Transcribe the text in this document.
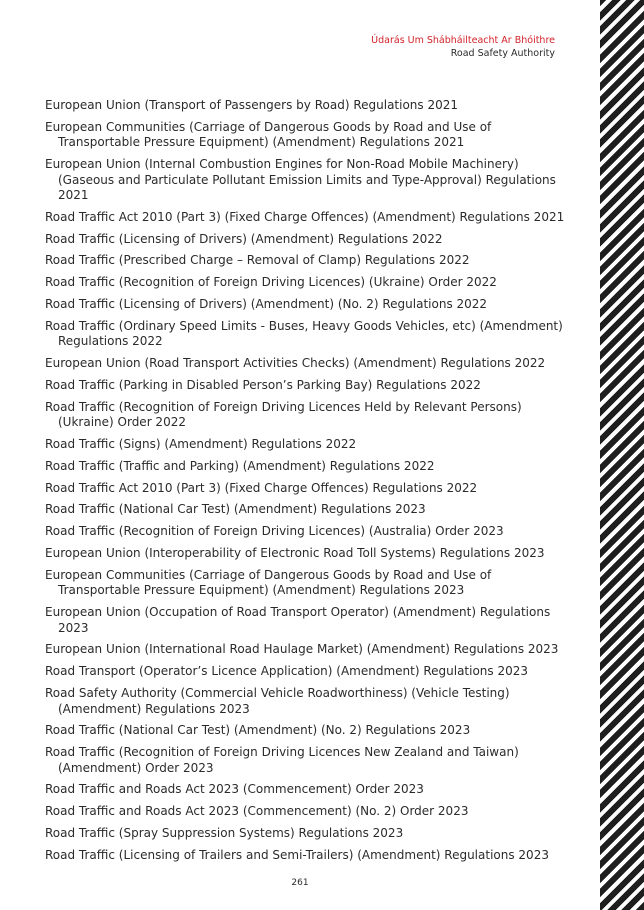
Údarás Um Shábháilteacht Ar Bhóithre
Road Safety Authority
European Union (Transport of Passengers by Road) Regulations 2021
European Communities (Carriage of Dangerous Goods by Road and Use of Transportable Pressure Equipment) (Amendment) Regulations 2021
European Union (Internal Combustion Engines for Non-Road Mobile Machinery) (Gaseous and Particulate Pollutant Emission Limits and Type-Approval) Regulations 2021
Road Traffic Act 2010 (Part 3) (Fixed Charge Offences) (Amendment) Regulations 2021
Road Traffic (Licensing of Drivers) (Amendment) Regulations 2022
Road Traffic (Prescribed Charge – Removal of Clamp) Regulations 2022
Road Traffic (Recognition of Foreign Driving Licences) (Ukraine) Order 2022
Road Traffic (Licensing of Drivers) (Amendment) (No. 2) Regulations 2022
Road Traffic (Ordinary Speed Limits - Buses, Heavy Goods Vehicles, etc) (Amendment) Regulations 2022
European Union (Road Transport Activities Checks) (Amendment) Regulations 2022
Road Traffic (Parking in Disabled Person’s Parking Bay) Regulations 2022
Road Traffic (Recognition of Foreign Driving Licences Held by Relevant Persons) (Ukraine) Order 2022
Road Traffic (Signs) (Amendment) Regulations 2022
Road Traffic (Traffic and Parking) (Amendment) Regulations 2022
Road Traffic Act 2010 (Part 3) (Fixed Charge Offences) Regulations 2022
Road Traffic (National Car Test) (Amendment) Regulations 2023
Road Traffic (Recognition of Foreign Driving Licences) (Australia) Order 2023
European Union (Interoperability of Electronic Road Toll Systems) Regulations 2023
European Communities (Carriage of Dangerous Goods by Road and Use of Transportable Pressure Equipment) (Amendment) Regulations 2023
European Union (Occupation of Road Transport Operator) (Amendment) Regulations 2023
European Union (International Road Haulage Market) (Amendment) Regulations 2023
Road Transport (Operator’s Licence Application) (Amendment) Regulations 2023
Road Safety Authority (Commercial Vehicle Roadworthiness) (Vehicle Testing) (Amendment) Regulations 2023
Road Traffic (National Car Test) (Amendment) (No. 2) Regulations 2023
Road Traffic (Recognition of Foreign Driving Licences New Zealand and Taiwan) (Amendment) Order 2023
Road Traffic and Roads Act 2023 (Commencement) Order 2023
Road Traffic and Roads Act 2023 (Commencement) (No. 2) Order 2023
Road Traffic (Spray Suppression Systems) Regulations 2023
Road Traffic (Licensing of Trailers and Semi-Trailers) (Amendment) Regulations 2023
261
